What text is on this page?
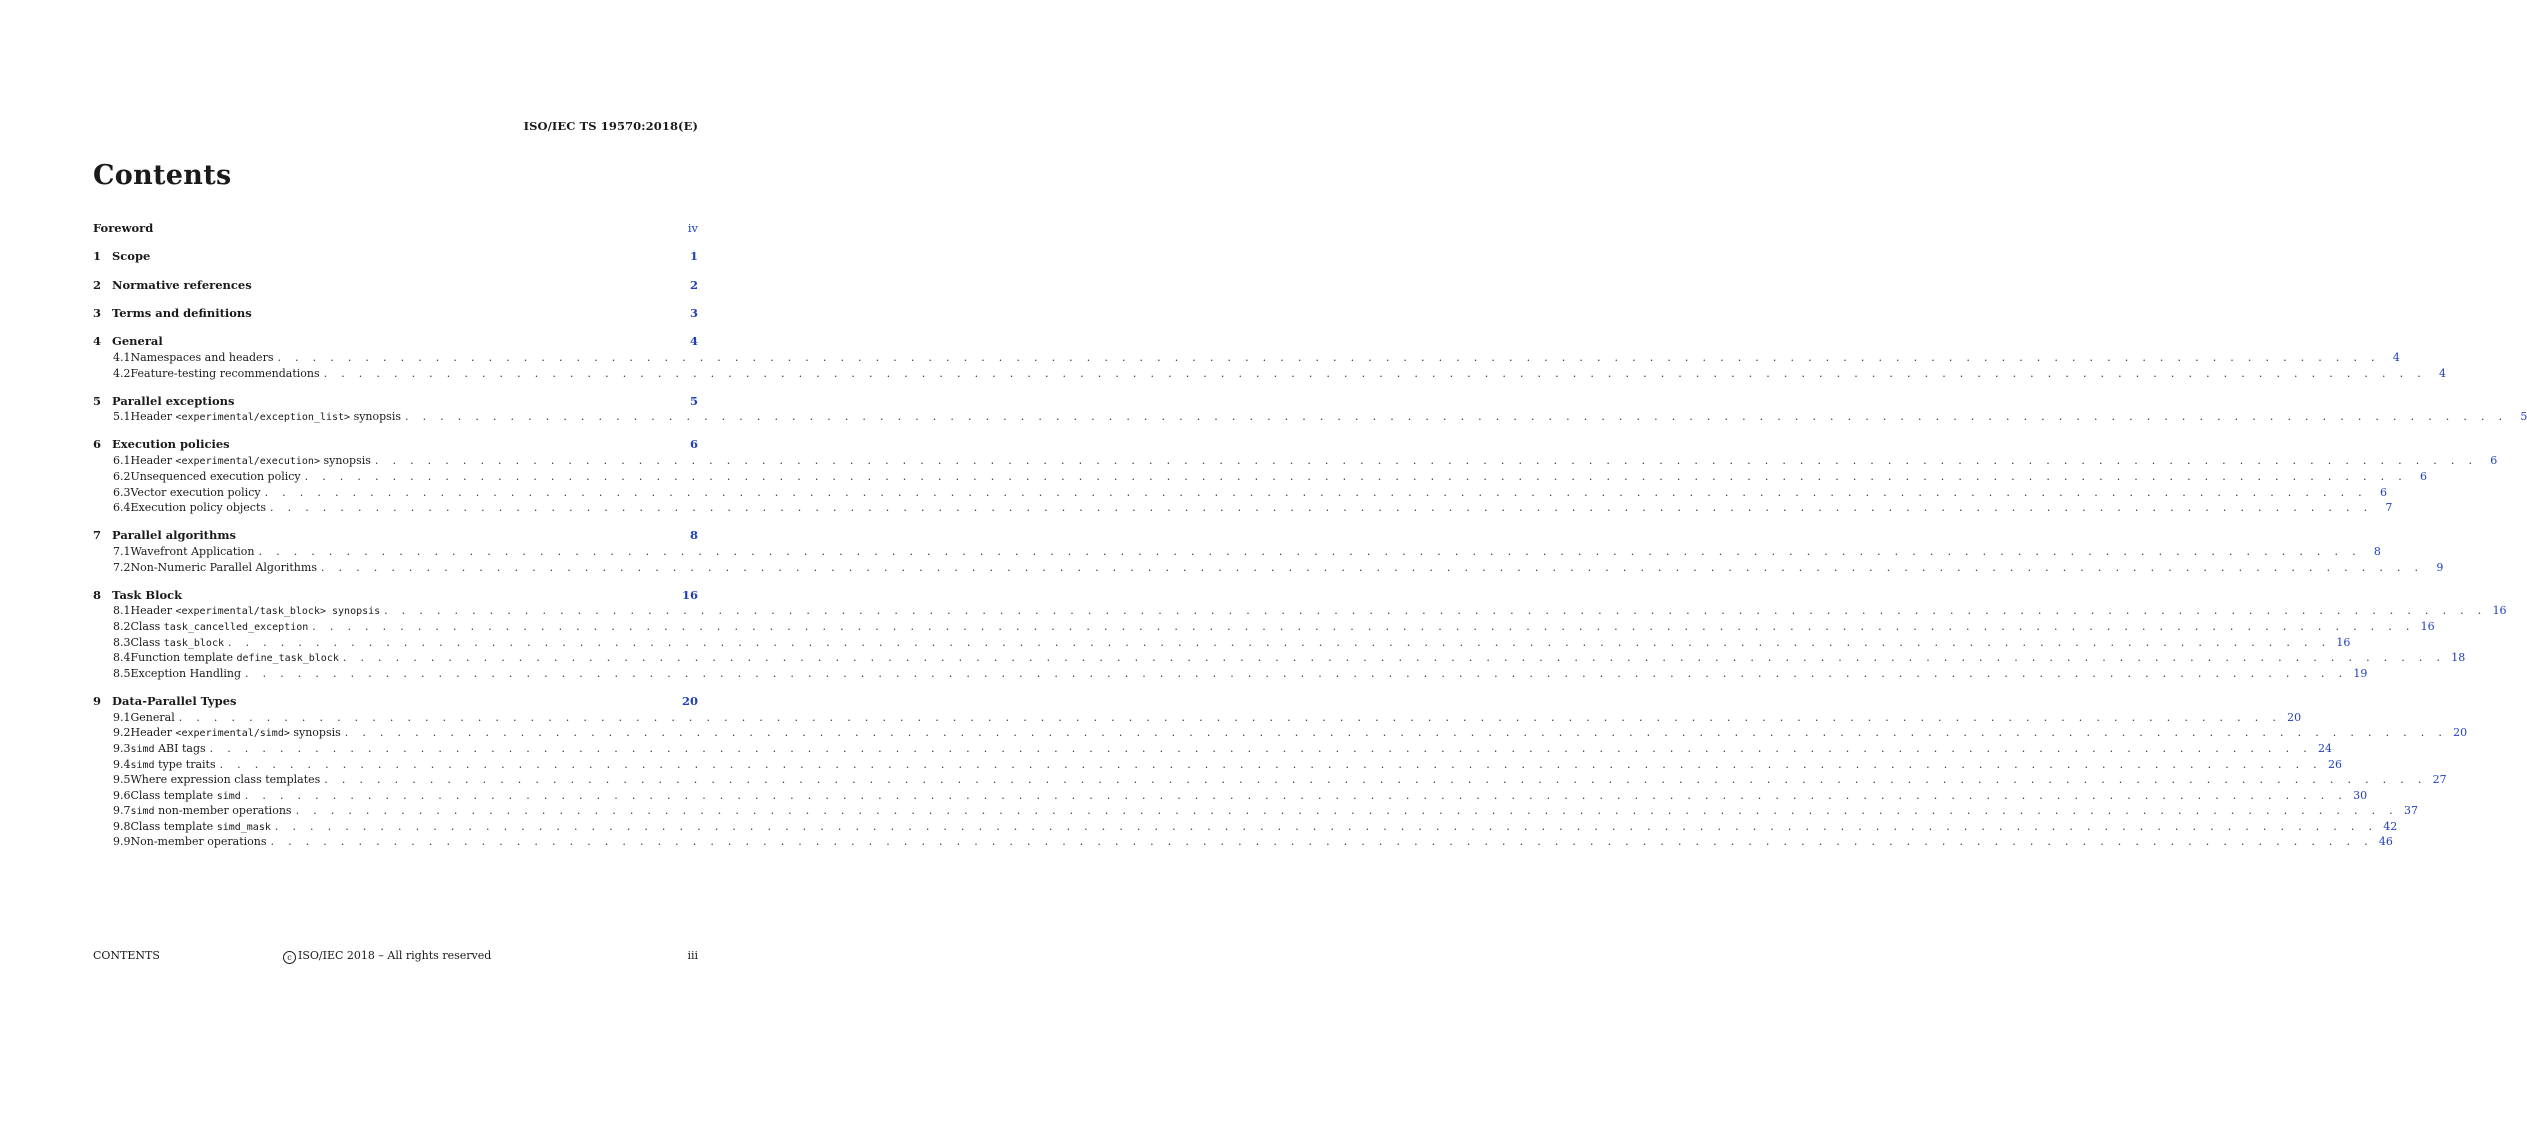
ISO/IEC TS 19570:2018(E)
Contents
Foreword	iv
1 Scope	1
2 Normative references	2
3 Terms and definitions	3
4 General	4
4.1 Namespaces and headers . . . . . . . . . . . . . . . . . . . . . . . . . . . . . . . . . . . . . . . . . . . . . . . . . . . . . . . . . . . . . . . . . . . . . . . . . . . . . . . . . . . . . . . . . . . . . . . . . . . . . . . . . . . . . . . . . . . . . . . .	4
4.2 Feature-testing recommendations . . . . . . . . . . . . . . . . . . . . . . . . . . . . . . . . . . . . . . . . . . . . . . . . . . . . . . . . . . . . . . . . . . . . . . . . . . . . . . . . . . . . . . . . . . . . . . . . . . . . . . . . . . . . . . . . . . . . . . . .	4
5 Parallel exceptions	5
5.1 Header <experimental/exception_list> synopsis . . . . . . . . . . . . . . . . . . . . . . . . . . . . . . . . . . . . . . . . . . . . . . . . . . . . . . . . . . . . . . . . . . . . . . . . . . . . . . . . . . . . . . . . . . . . . . . . . . . . . . . . . . . . . . . . . . . . . . . .	5
6 Execution policies	6
6.1 Header <experimental/execution> synopsis . . . . . . . . . . . . . . . . . . . . . . . . . . . . . . . . . . . . . . . . . . . . . . . . . . . . . . . . . . . . . . . . . . . . . . . . . . . . . . . . . . . . . . . . . . . . . . . . . . . . . . . . . . . . . . . . . . . . . . . .	6
6.2 Unsequenced execution policy . . . . . . . . . . . . . . . . . . . . . . . . . . . . . . . . . . . . . . . . . . . . . . . . . . . . . . . . . . . . . . . . . . . . . . . . . . . . . . . . . . . . . . . . . . . . . . . . . . . . . . . . . . . . . . . . . . . . . . . .	6
6.3 Vector execution policy . . . . . . . . . . . . . . . . . . . . . . . . . . . . . . . . . . . . . . . . . . . . . . . . . . . . . . . . . . . . . . . . . . . . . . . . . . . . . . . . . . . . . . . . . . . . . . . . . . . . . . . . . . . . . . . . . . . . . . . .	6
6.4 Execution policy objects . . . . . . . . . . . . . . . . . . . . . . . . . . . . . . . . . . . . . . . . . . . . . . . . . . . . . . . . . . . . . . . . . . . . . . . . . . . . . . . . . . . . . . . . . . . . . . . . . . . . . . . . . . . . . . . . . . . . . . . .	7
7 Parallel algorithms	8
7.1 Wavefront Application . . . . . . . . . . . . . . . . . . . . . . . . . . . . . . . . . . . . . . . . . . . . . . . . . . . . . . . . . . . . . . . . . . . . . . . . . . . . . . . . . . . . . . . . . . . . . . . . . . . . . . . . . . . . . . . . . . . . . . . .	8
7.2 Non-Numeric Parallel Algorithms . . . . . . . . . . . . . . . . . . . . . . . . . . . . . . . . . . . . . . . . . . . . . . . . . . . . . . . . . . . . . . . . . . . . . . . . . . . . . . . . . . . . . . . . . . . . . . . . . . . . . . . . . . . . . . . . . . . . . . . .	9
8 Task Block	16
8.1 Header <experimental/task_block> synopsis . . . . . . . . . . . . . . . . . . . . . . . . . . . . . . . . . . . . . . . . . . . . . . . . . . . . . . . . . . . . . . . . . . . . . . . . . . . . . . . . . . . . . . . . . . . . . . . . . . . . . . . . . . . . . . . . . . . . . . . . 16
8.2 Class task_cancelled_exception . . . . . . . . . . . . . . . . . . . . . . . . . . . . . . . . . . . . . . . . . . . . . . . . . . . . . . . . . . . . . . . . . . . . . . . . . . . . . . . . . . . . . . . . . . . . . . . . . . . . . . . . . . . . . . . . . . . . . . . . 16
8.3 Class task_block . . . . . . . . . . . . . . . . . . . . . . . . . . . . . . . . . . . . . . . . . . . . . . . . . . . . . . . . . . . . . . . . . . . . . . . . . . . . . . . . . . . . . . . . . . . . . . . . . . . . . . . . . . . . . . . . . . . . . . . . 16
8.4 Function template define_task_block . . . . . . . . . . . . . . . . . . . . . . . . . . . . . . . . . . . . . . . . . . . . . . . . . . . . . . . . . . . . . . . . . . . . . . . . . . . . . . . . . . . . . . . . . . . . . . . . . . . . . . . . . . . . . . . . . . . . . . . . 18
8.5 Exception Handling . . . . . . . . . . . . . . . . . . . . . . . . . . . . . . . . . . . . . . . . . . . . . . . . . . . . . . . . . . . . . . . . . . . . . . . . . . . . . . . . . . . . . . . . . . . . . . . . . . . . . . . . . . . . . . . . . . . . . . . . 19
9 Data-Parallel Types	20
9.1 General . . . . . . . . . . . . . . . . . . . . . . . . . . . . . . . . . . . . . . . . . . . . . . . . . . . . . . . . . . . . . . . . . . . . . . . . . . . . . . . . . . . . . . . . . . . . . . . . . . . . . . . . . . . . . . . . . . . . . . . . 20
9.2 Header <experimental/simd> synopsis . . . . . . . . . . . . . . . . . . . . . . . . . . . . . . . . . . . . . . . . . . . . . . . . . . . . . . . . . . . . . . . . . . . . . . . . . . . . . . . . . . . . . . . . . . . . . . . . . . . . . . . . . . . . . . . . . . . . . . . . 20
9.3 simd ABI tags . . . . . . . . . . . . . . . . . . . . . . . . . . . . . . . . . . . . . . . . . . . . . . . . . . . . . . . . . . . . . . . . . . . . . . . . . . . . . . . . . . . . . . . . . . . . . . . . . . . . . . . . . . . . . . . . . . . . . . . . 24
9.4 simd type traits . . . . . . . . . . . . . . . . . . . . . . . . . . . . . . . . . . . . . . . . . . . . . . . . . . . . . . . . . . . . . . . . . . . . . . . . . . . . . . . . . . . . . . . . . . . . . . . . . . . . . . . . . . . . . . . . . . . . . . . . 26
9.5 Where expression class templates . . . . . . . . . . . . . . . . . . . . . . . . . . . . . . . . . . . . . . . . . . . . . . . . . . . . . . . . . . . . . . . . . . . . . . . . . . . . . . . . . . . . . . . . . . . . . . . . . . . . . . . . . . . . . . . . . . . . . . . . 27
9.6 Class template simd . . . . . . . . . . . . . . . . . . . . . . . . . . . . . . . . . . . . . . . . . . . . . . . . . . . . . . . . . . . . . . . . . . . . . . . . . . . . . . . . . . . . . . . . . . . . . . . . . . . . . . . . . . . . . . . . . . . . . . . . 30
9.7 simd non-member operations . . . . . . . . . . . . . . . . . . . . . . . . . . . . . . . . . . . . . . . . . . . . . . . . . . . . . . . . . . . . . . . . . . . . . . . . . . . . . . . . . . . . . . . . . . . . . . . . . . . . . . . . . . . . . . . . . . . . . . . . 37
9.8 Class template simd_mask . . . . . . . . . . . . . . . . . . . . . . . . . . . . . . . . . . . . . . . . . . . . . . . . . . . . . . . . . . . . . . . . . . . . . . . . . . . . . . . . . . . . . . . . . . . . . . . . . . . . . . . . . . . . . . . . . . . . . . . . 42
9.9 Non-member operations . . . . . . . . . . . . . . . . . . . . . . . . . . . . . . . . . . . . . . . . . . . . . . . . . . . . . . . . . . . . . . . . . . . . . . . . . . . . . . . . . . . . . . . . . . . . . . . . . . . . . . . . . . . . . . . . . . . . . . . . 46
CONTENTS	c ISO/IEC 2018 – All rights reserved	iii
